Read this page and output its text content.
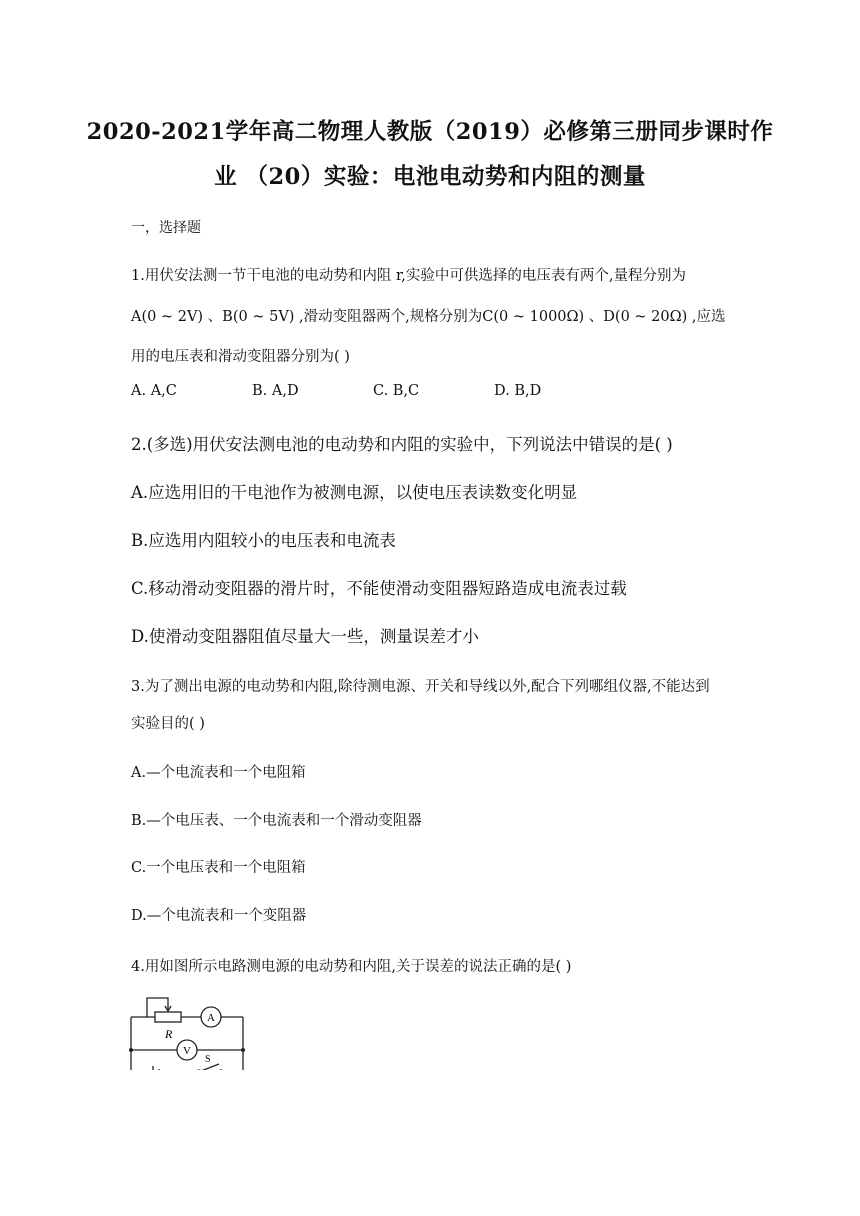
2020-2021学年高二物理人教版（2019）必修第三册同步课时作
业 （20）实验：电池电动势和内阻的测量
一，选择题
1.用伏安法测一节干电池的电动势和内阻 r,实验中可供选择的电压表有两个,量程分别为
A(0 ~ 2V) 、B(0 ~ 5V) ,滑动变阻器两个,规格分别为C(0 ~ 1000Ω) 、D(0 ~ 20Ω) ,应选
用的电压表和滑动变阻器分别为( )
A. A,C	B. A,D	C. B,C	D. B,D
2.(多选)用伏安法测电池的电动势和内阻的实验中，下列说法中错误的是( )
A.应选用旧的干电池作为被测电源，以使电压表读数变化明显
B.应选用内阻较小的电压表和电流表
C.移动滑动变阻器的滑片时，不能使滑动变阻器短路造成电流表过载
D.使滑动变阻器阻值尽量大一些，测量误差才小
3.为了测出电源的电动势和内阻,除待测电源、开关和导线以外,配合下列哪组仪器,不能达到
实验目的( )
A.—个电流表和一个电阻箱
B.—个电压表、一个电流表和一个滑动变阻器
C.一个电压表和一个电阻箱
D.—个电流表和一个变阻器
4.用如图所示电路测电源的电动势和内阻,关于误差的说法正确的是( )
R
A
V
S
